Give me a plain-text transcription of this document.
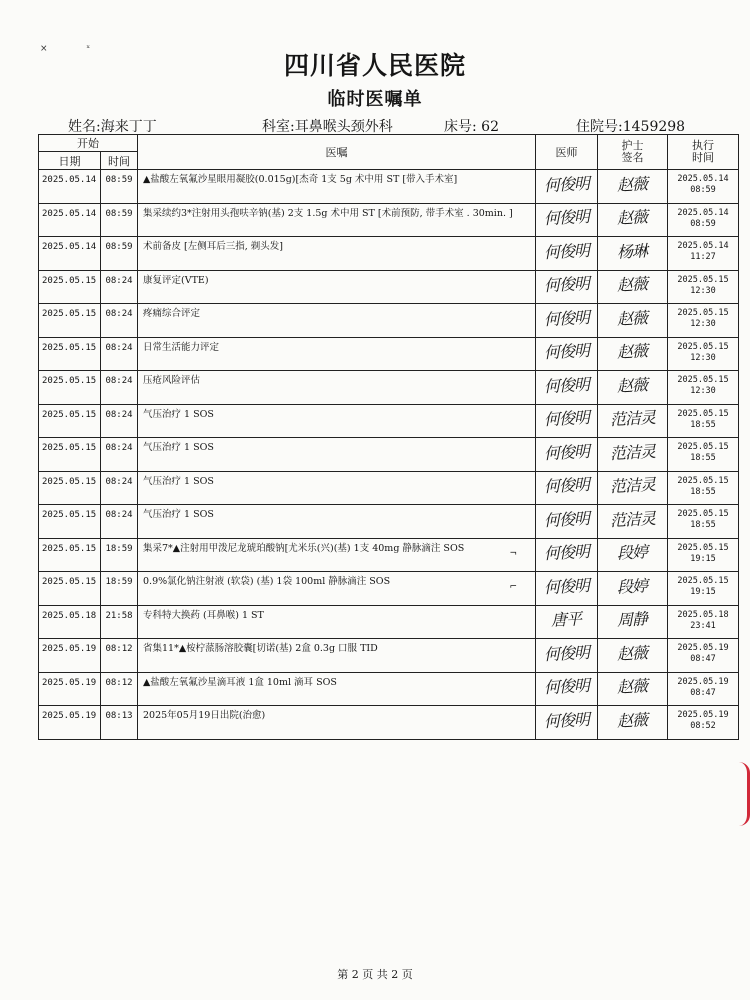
×	ˣ
四川省人民医院
临时医嘱单
姓名:海来丁丁	科室:耳鼻喉头颈外科	床号: 62	住院号:1459298
开始		医嘱	医师	护士签名	执行时间
日期	时间				
2025.05.14	08:59	▲盐酸左氧氟沙星眼用凝胶(0.015g)[杰奇 1支 5g 术中用 ST [带入手术室]	何俊明	赵薇	2025.05.14
08:59
2025.05.14	08:59	集采续约3*注射用头孢呋辛钠(基) 2支 1.5g 术中用 ST [术前预防, 带手术室 . 30min. ]	何俊明	赵薇	2025.05.14
08:59
2025.05.14	08:59	术前备皮 [左侧耳后三指, 剃头发]	何俊明	杨琳	2025.05.14
11:27
2025.05.15	08:24	康复评定(VTE)	何俊明	赵薇	2025.05.15
12:30
2025.05.15	08:24	疼痛综合评定	何俊明	赵薇	2025.05.15
12:30
2025.05.15	08:24	日常生活能力评定	何俊明	赵薇	2025.05.15
12:30
2025.05.15	08:24	压疮风险评估	何俊明	赵薇	2025.05.15
12:30
2025.05.15	08:24	气压治疗 1 SOS	何俊明	范洁灵	2025.05.15
18:55
2025.05.15	08:24	气压治疗 1 SOS	何俊明	范洁灵	2025.05.15
18:55
2025.05.15	08:24	气压治疗 1 SOS	何俊明	范洁灵	2025.05.15
18:55
2025.05.15	08:24	气压治疗 1 SOS	何俊明	范洁灵	2025.05.15
18:55
2025.05.15	18:59	集采7*▲注射用甲泼尼龙琥珀酸钠[尤米乐(兴)(基) 1支 40mg 静脉滴注 SOS ¬	何俊明	段婷	2025.05.15
19:15
2025.05.15	18:59	0.9%氯化钠注射液 (软袋) (基) 1袋 100ml 静脉滴注 SOS ⌐	何俊明	段婷	2025.05.15
19:15
2025.05.18	21:58	专科特大换药 (耳鼻喉) 1 ST	唐平	周静	2025.05.18
23:41
2025.05.19	08:12	省集11*▲桉柠蒎肠溶胶囊[切诺(基) 2盒 0.3g 口服 TID	何俊明	赵薇	2025.05.19
08:47
2025.05.19	08:12	▲盐酸左氧氟沙星滴耳液 1盒 10ml 滴耳 SOS	何俊明	赵薇	2025.05.19
08:47
2025.05.19	08:13	2025年05月19日出院(治愈)	何俊明	赵薇	2025.05.19
08:52
第 2 页 共 2 页
